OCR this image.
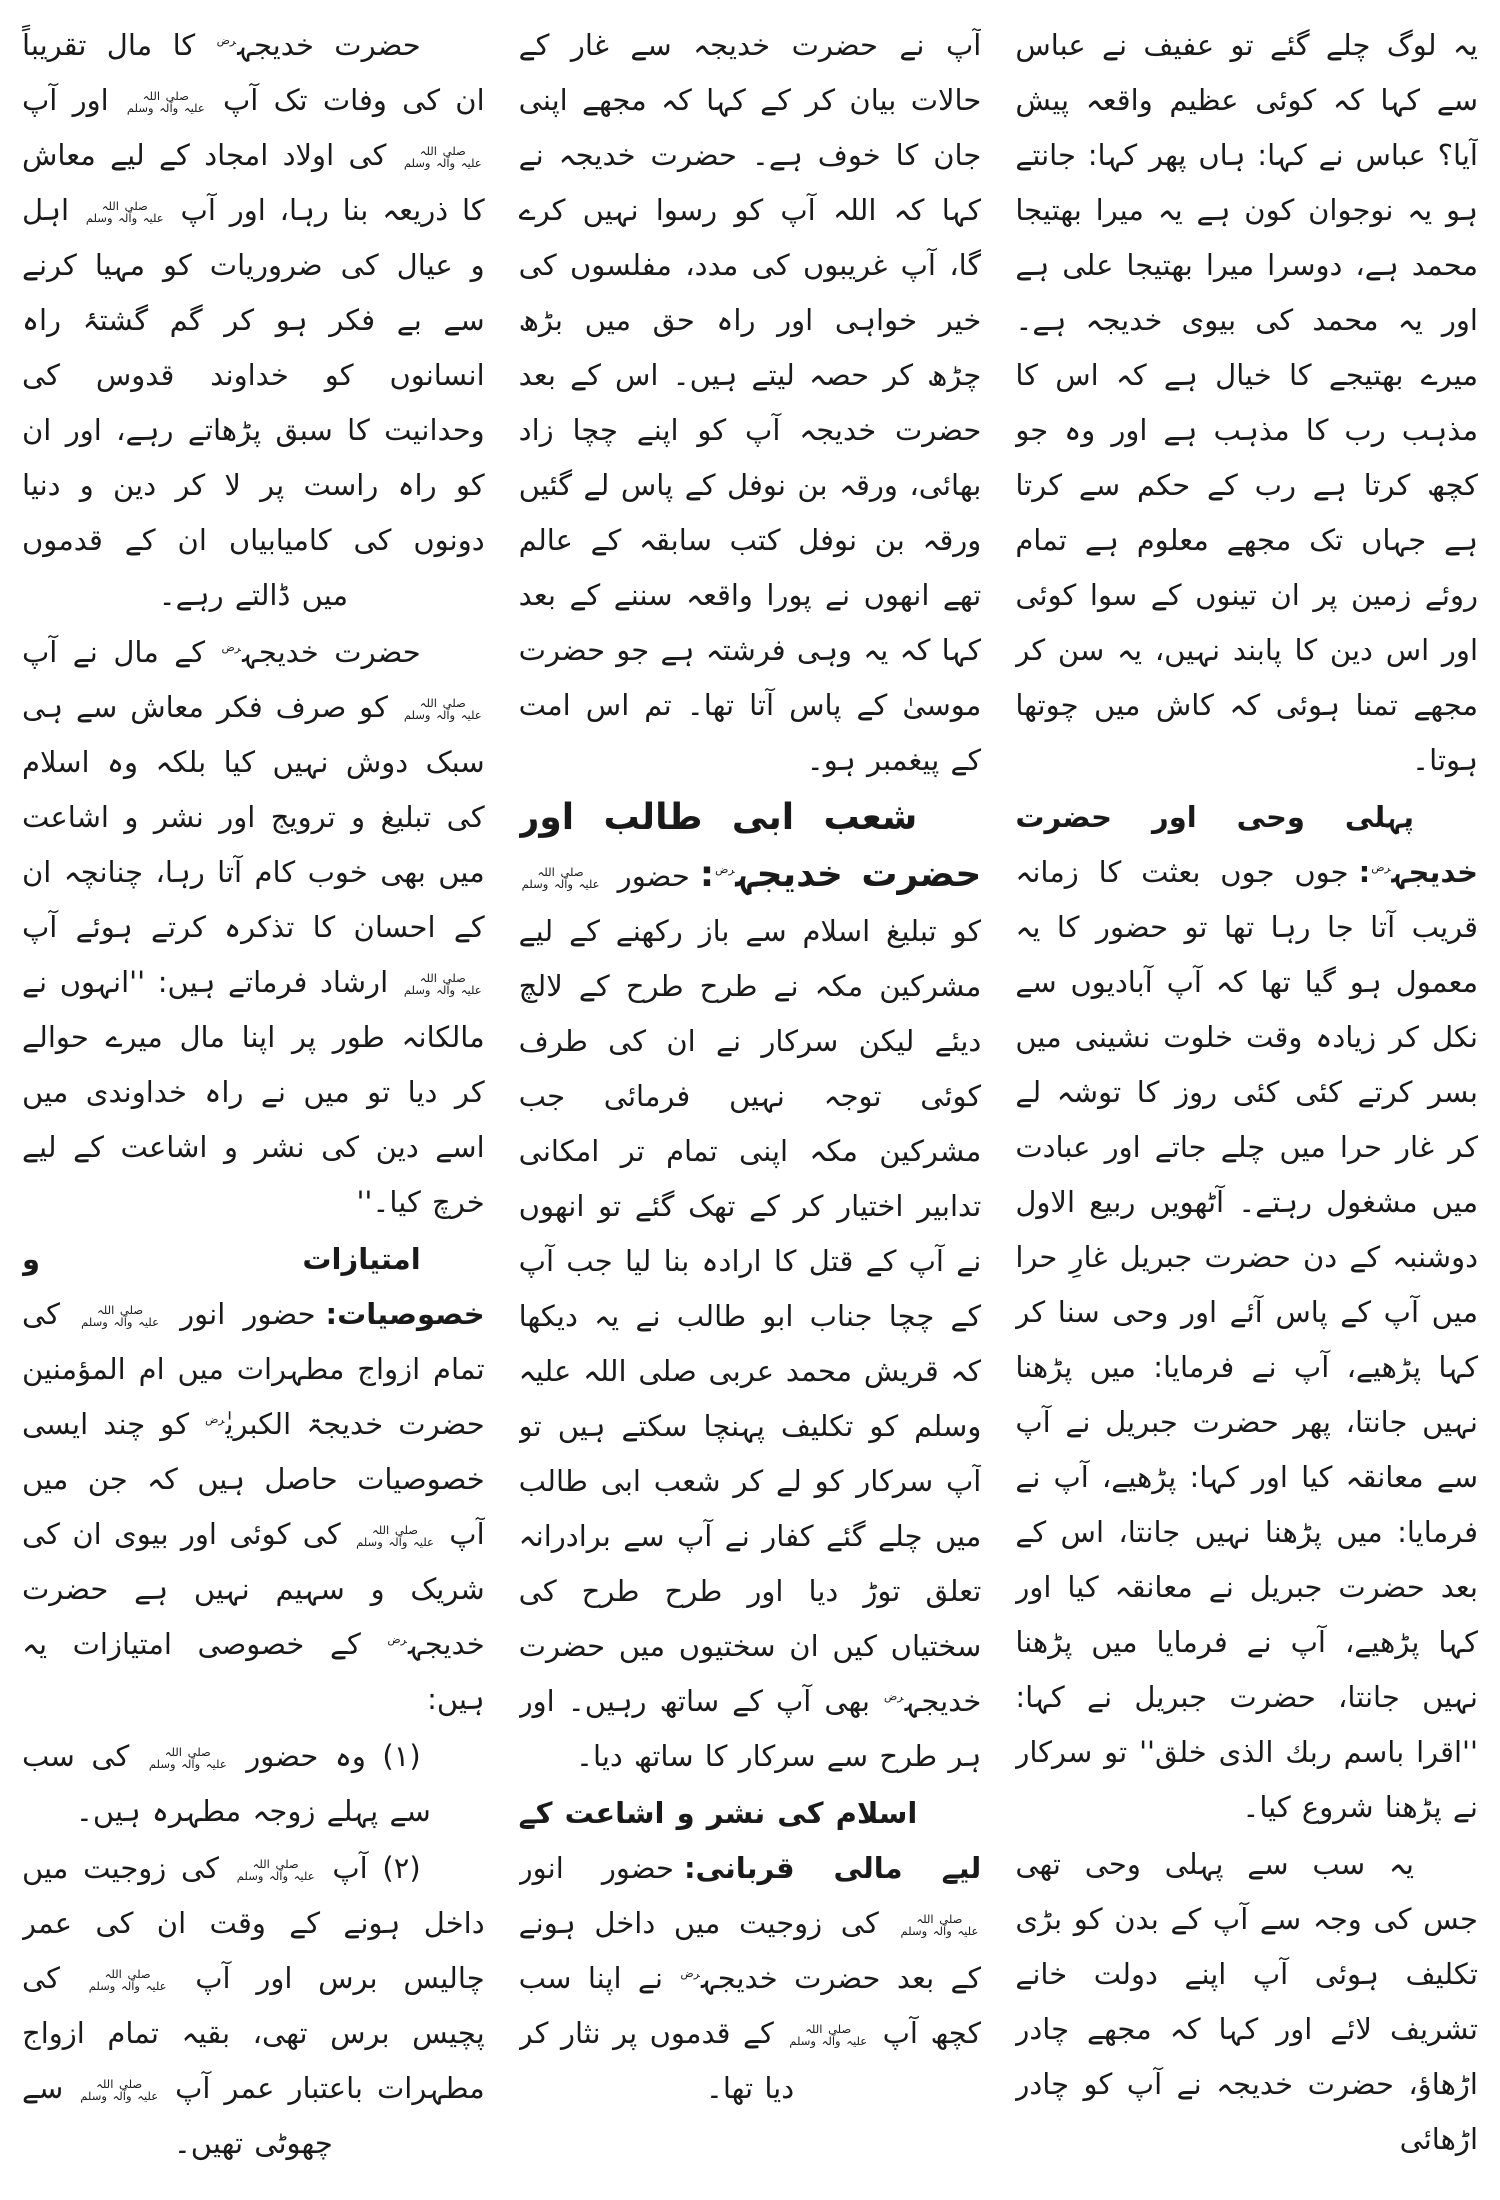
یہ لوگ چلے گئے تو عفیف نے عباس سے کہا کہ کوئی عظیم واقعہ پیش آیا؟ عباس نے کہا: ہاں پھر کہا: جانتے ہو یہ نوجوان کون ہے یہ میرا بھتیجا محمد ہے، دوسرا میرا بھتیجا علی ہے اور یہ محمد کی بیوی خدیجہ ہے۔ میرے بھتیجے کا خیال ہے کہ اس کا مذہب رب کا مذہب ہے اور وہ جو کچھ کرتا ہے رب کے حکم سے کرتا ہے جہاں تک مجھے معلوم ہے تمام روئے زمین پر ان تینوں کے سوا کوئی اور اس دین کا پابند نہیں، یہ سن کر مجھے تمنا ہوئی کہ کاش میں چوتھا ہوتا۔

پہلی وحی اور حضرت خدیجہ$^{رض}$:جوں جوں بعثت کا زمانہ قریب آتا جا رہا تھا تو حضور کا یہ معمول ہو گیا تھا کہ آپ آبادیوں سے نکل کر زیادہ وقت خلوت نشینی میں بسر کرتے کئی کئی روز کا توشہ لے کر غار حرا میں چلے جاتے اور عبادت میں مشغول رہتے۔ آٹھویں ربیع الاول دوشنبہ کے دن حضرت جبریل غارِ حرا میں آپ کے پاس آئے اور وحی سنا کر کہا پڑھیے، آپ نے فرمایا: میں پڑھنا نہیں جانتا، پھر حضرت جبریل نے آپ سے معانقہ کیا اور کہا: پڑھیے، آپ نے فرمایا: میں پڑھنا نہیں جانتا، اس کے بعد حضرت جبریل نے معانقہ کیا اور کہا پڑھیے، آپ نے فرمایا میں پڑھنا نہیں جانتا، حضرت جبریل نے کہا: ''اقرا باسم ربك الذی خلق'' تو سرکار نے پڑھنا شروع کیا۔

یہ سب سے پہلی وحی تھی جس کی وجہ سے آپ کے بدن کو بڑی تکلیف ہوئی آپ اپنے دولت خانے تشریف لائے اور کہا کہ مجھے چادر اڑھاؤ، حضرت خدیجہ نے آپ کو چادر اڑھائی

آپ نے حضرت خدیجہ سے غار کے حالات بیان کر کے کہا کہ مجھے اپنی جان کا خوف ہے۔ حضرت خدیجہ نے کہا کہ اللہ آپ کو رسوا نہیں کرے گا، آپ غریبوں کی مدد، مفلسوں کی خیر خواہی اور راہ حق میں بڑھ چڑھ کر حصہ لیتے ہیں۔ اس کے بعد حضرت خدیجہ آپ کو اپنے چچا زاد بھائی، ورقہ بن نوفل کے پاس لے گئیں ورقہ بن نوفل کتب سابقہ کے عالم تھے انھوں نے پورا واقعہ سننے کے بعد کہا کہ یہ وہی فرشتہ ہے جو حضرت موسیٰ کے پاس آتا تھا۔ تم اس امت کے پیغمبر ہو۔

شعب ابی طالب اور حضرت خدیجہ$^{رض}$:حضور
صلی اللہ
علیہ وآلہ وسلم
کو تبلیغ اسلام سے باز رکھنے کے لیے مشرکین مکہ نے طرح طرح کے لالچ دیئے لیکن سرکار نے ان کی طرف کوئی توجہ نہیں فرمائی جب مشرکین مکہ اپنی تمام تر امکانی تدابیر اختیار کر کے تھک گئے تو انھوں نے آپ کے قتل کا ارادہ بنا لیا جب آپ کے چچا جناب ابو طالب نے یہ دیکھا کہ قریش محمد عربی صلی اللہ علیہ وسلم کو تکلیف پہنچا سکتے ہیں تو آپ سرکار کو لے کر شعب ابی طالب میں چلے گئے کفار نے آپ سے برادرانہ تعلق توڑ دیا اور طرح طرح کی سختیاں کیں ان سختیوں میں حضرت خدیجہ$^{رض}$ بھی آپ کے ساتھ رہیں۔ اور ہر طرح سے سرکار کا ساتھ دیا۔

اسلام کی نشر و اشاعت کے لیے مالی قربانی:حضور انور
صلی اللہ
علیہ وآلہ وسلم
کی زوجیت میں داخل ہونے کے بعد حضرت خدیجہ$^{رض}$ نے اپنا سب کچھ آپ
صلی اللہ
علیہ وآلہ وسلم
کے قدموں پر نثار کر دیا تھا۔

حضرت خدیجہ$^{رض}$ کا مال تقریباً ان کی وفات تک آپ
صلی اللہ
علیہ وآلہ وسلم
اور آپ
صلی اللہ
علیہ وآلہ وسلم
کی اولاد امجاد کے لیے معاش کا ذریعہ بنا رہا، اور آپ
صلی اللہ
علیہ وآلہ وسلم
اہل و عیال کی ضروریات کو مہیا کرنے سے بے فکر ہو کر گم گشتۂ راہ انسانوں کو خداوند قدوس کی وحدانیت کا سبق پڑھاتے رہے، اور ان کو راہ راست پر لا کر دین و دنیا دونوں کی کامیابیاں ان کے قدموں میں ڈالتے رہے۔

حضرت خدیجہ$^{رض}$ کے مال نے آپ
صلی اللہ
علیہ وآلہ وسلم
کو صرف فکر معاش سے ہی سبک دوش نہیں کیا بلکہ وہ اسلام کی تبلیغ و ترویج اور نشر و اشاعت میں بھی خوب کام آتا رہا، چنانچہ ان کے احسان کا تذکرہ کرتے ہوئے آپ
صلی اللہ
علیہ وآلہ وسلم
ارشاد فرماتے ہیں: ''انہوں نے مالکانہ طور پر اپنا مال میرے حوالے کر دیا تو میں نے راہ خداوندی میں اسے دین کی نشر و اشاعت کے لیے خرچ کیا۔''

امتیازات و خصوصیات:حضور انور
صلی اللہ
علیہ وآلہ وسلم
کی تمام ازواج مطہرات میں ام المؤمنین حضرت خدیجۃ الکبریٰ$^{رض}$ کو چند ایسی خصوصیات حاصل ہیں کہ جن میں آپ
صلی اللہ
علیہ وآلہ وسلم
کی کوئی اور بیوی ان کی شریک و سہیم نہیں ہے حضرت خدیجہ$^{رض}$ کے خصوصی امتیازات یہ ہیں:

(۱) وہ حضور
صلی اللہ
علیہ وآلہ وسلم
کی سب سے پہلے زوجہ مطہرہ ہیں۔

(۲) آپ
صلی اللہ
علیہ وآلہ وسلم
کی زوجیت میں داخل ہونے کے وقت ان کی عمر چالیس برس اور آپ
صلی اللہ
علیہ وآلہ وسلم
کی پچیس برس تھی، بقیہ تمام ازواج مطہرات باعتبار عمر آپ
صلی اللہ
علیہ وآلہ وسلم
سے چھوٹی تھیں۔
